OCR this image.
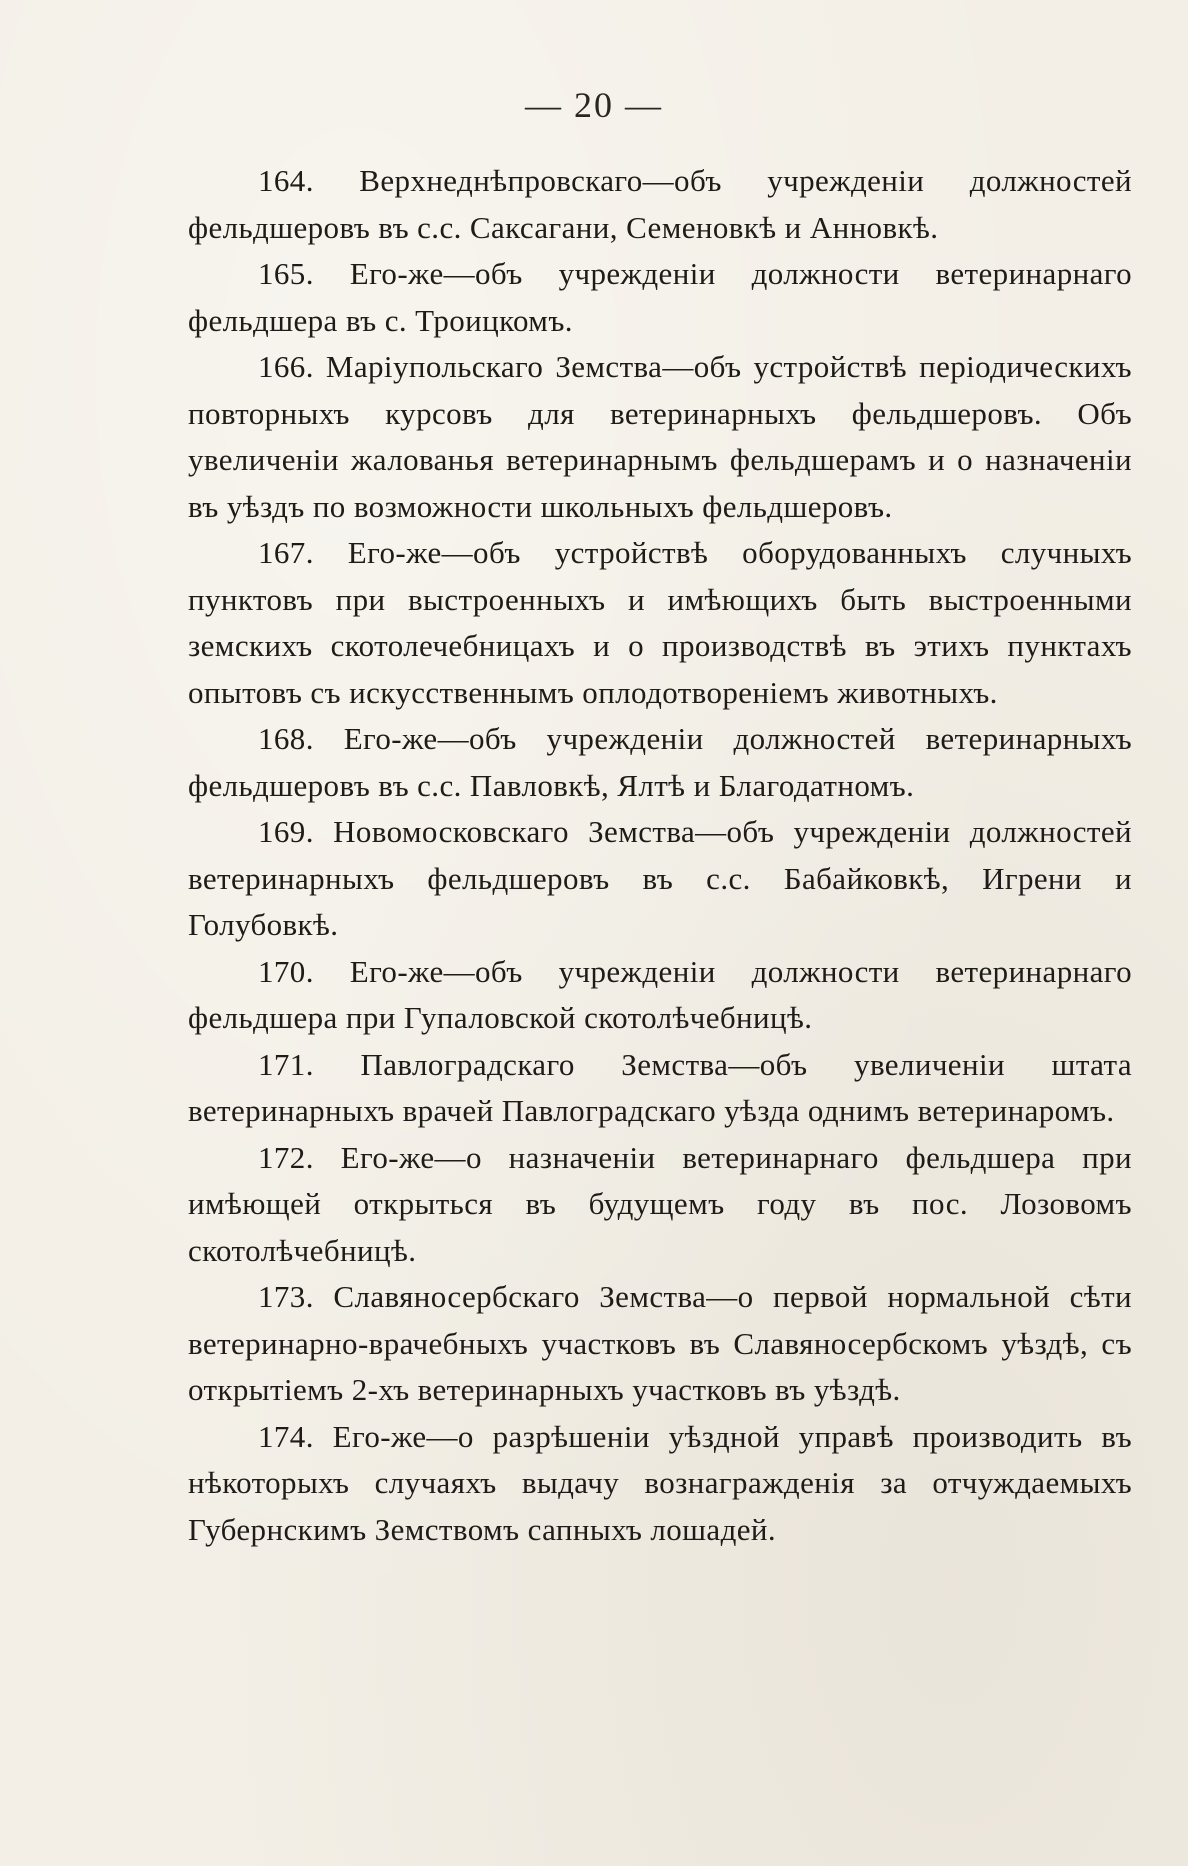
— 20 —

164. Верхнеднѣпровскаго—объ учрежденіи должностей фельдшеровъ въ с.с. Саксагани, Семеновкѣ и Анновкѣ.

165. Его-же—объ учрежденіи должности ветеринарнаго фельдшера въ с. Троицкомъ.

166. Маріупольскаго Земства—объ устройствѣ періодическихъ повторныхъ курсовъ для ветеринарныхъ фельдшеровъ. Объ увеличеніи жалованья ветеринарнымъ фельдшерамъ и о назначеніи въ уѣздъ по возможности школьныхъ фельдшеровъ.

167. Его-же—объ устройствѣ оборудованныхъ случныхъ пунктовъ при выстроенныхъ и имѣющихъ быть выстроенными земскихъ скотолечебницахъ и о производствѣ въ этихъ пунктахъ опытовъ съ искусственнымъ оплодотвореніемъ животныхъ.

168. Его-же—объ учрежденіи должностей ветеринарныхъ фельдшеровъ въ с.с. Павловкѣ, Ялтѣ и Благодатномъ.

169. Новомосковскаго Земства—объ учрежденіи должностей ветеринарныхъ фельдшеровъ въ с.с. Бабайковкѣ, Игрени и Голубовкѣ.

170. Его-же—объ учрежденіи должности ветеринарнаго фельдшера при Гупаловской скотолѣчебницѣ.

171. Павлоградскаго Земства—объ увеличеніи штата ветеринарныхъ врачей Павлоградскаго уѣзда однимъ ветеринаромъ.

172. Его-же—о назначеніи ветеринарнаго фельдшера при имѣющей открыться въ будущемъ году въ пос. Лозовомъ скотолѣчебницѣ.

173. Славяносербскаго Земства—о первой нормальной сѣти ветеринарно-врачебныхъ участковъ въ Славяносербскомъ уѣздѣ, съ открытіемъ 2-хъ ветеринарныхъ участковъ въ уѣздѣ.

174. Его-же—о разрѣшеніи уѣздной управѣ производить въ нѣкоторыхъ случаяхъ выдачу вознагражденія за отчуждаемыхъ Губернскимъ Земствомъ сапныхъ лошадей.
